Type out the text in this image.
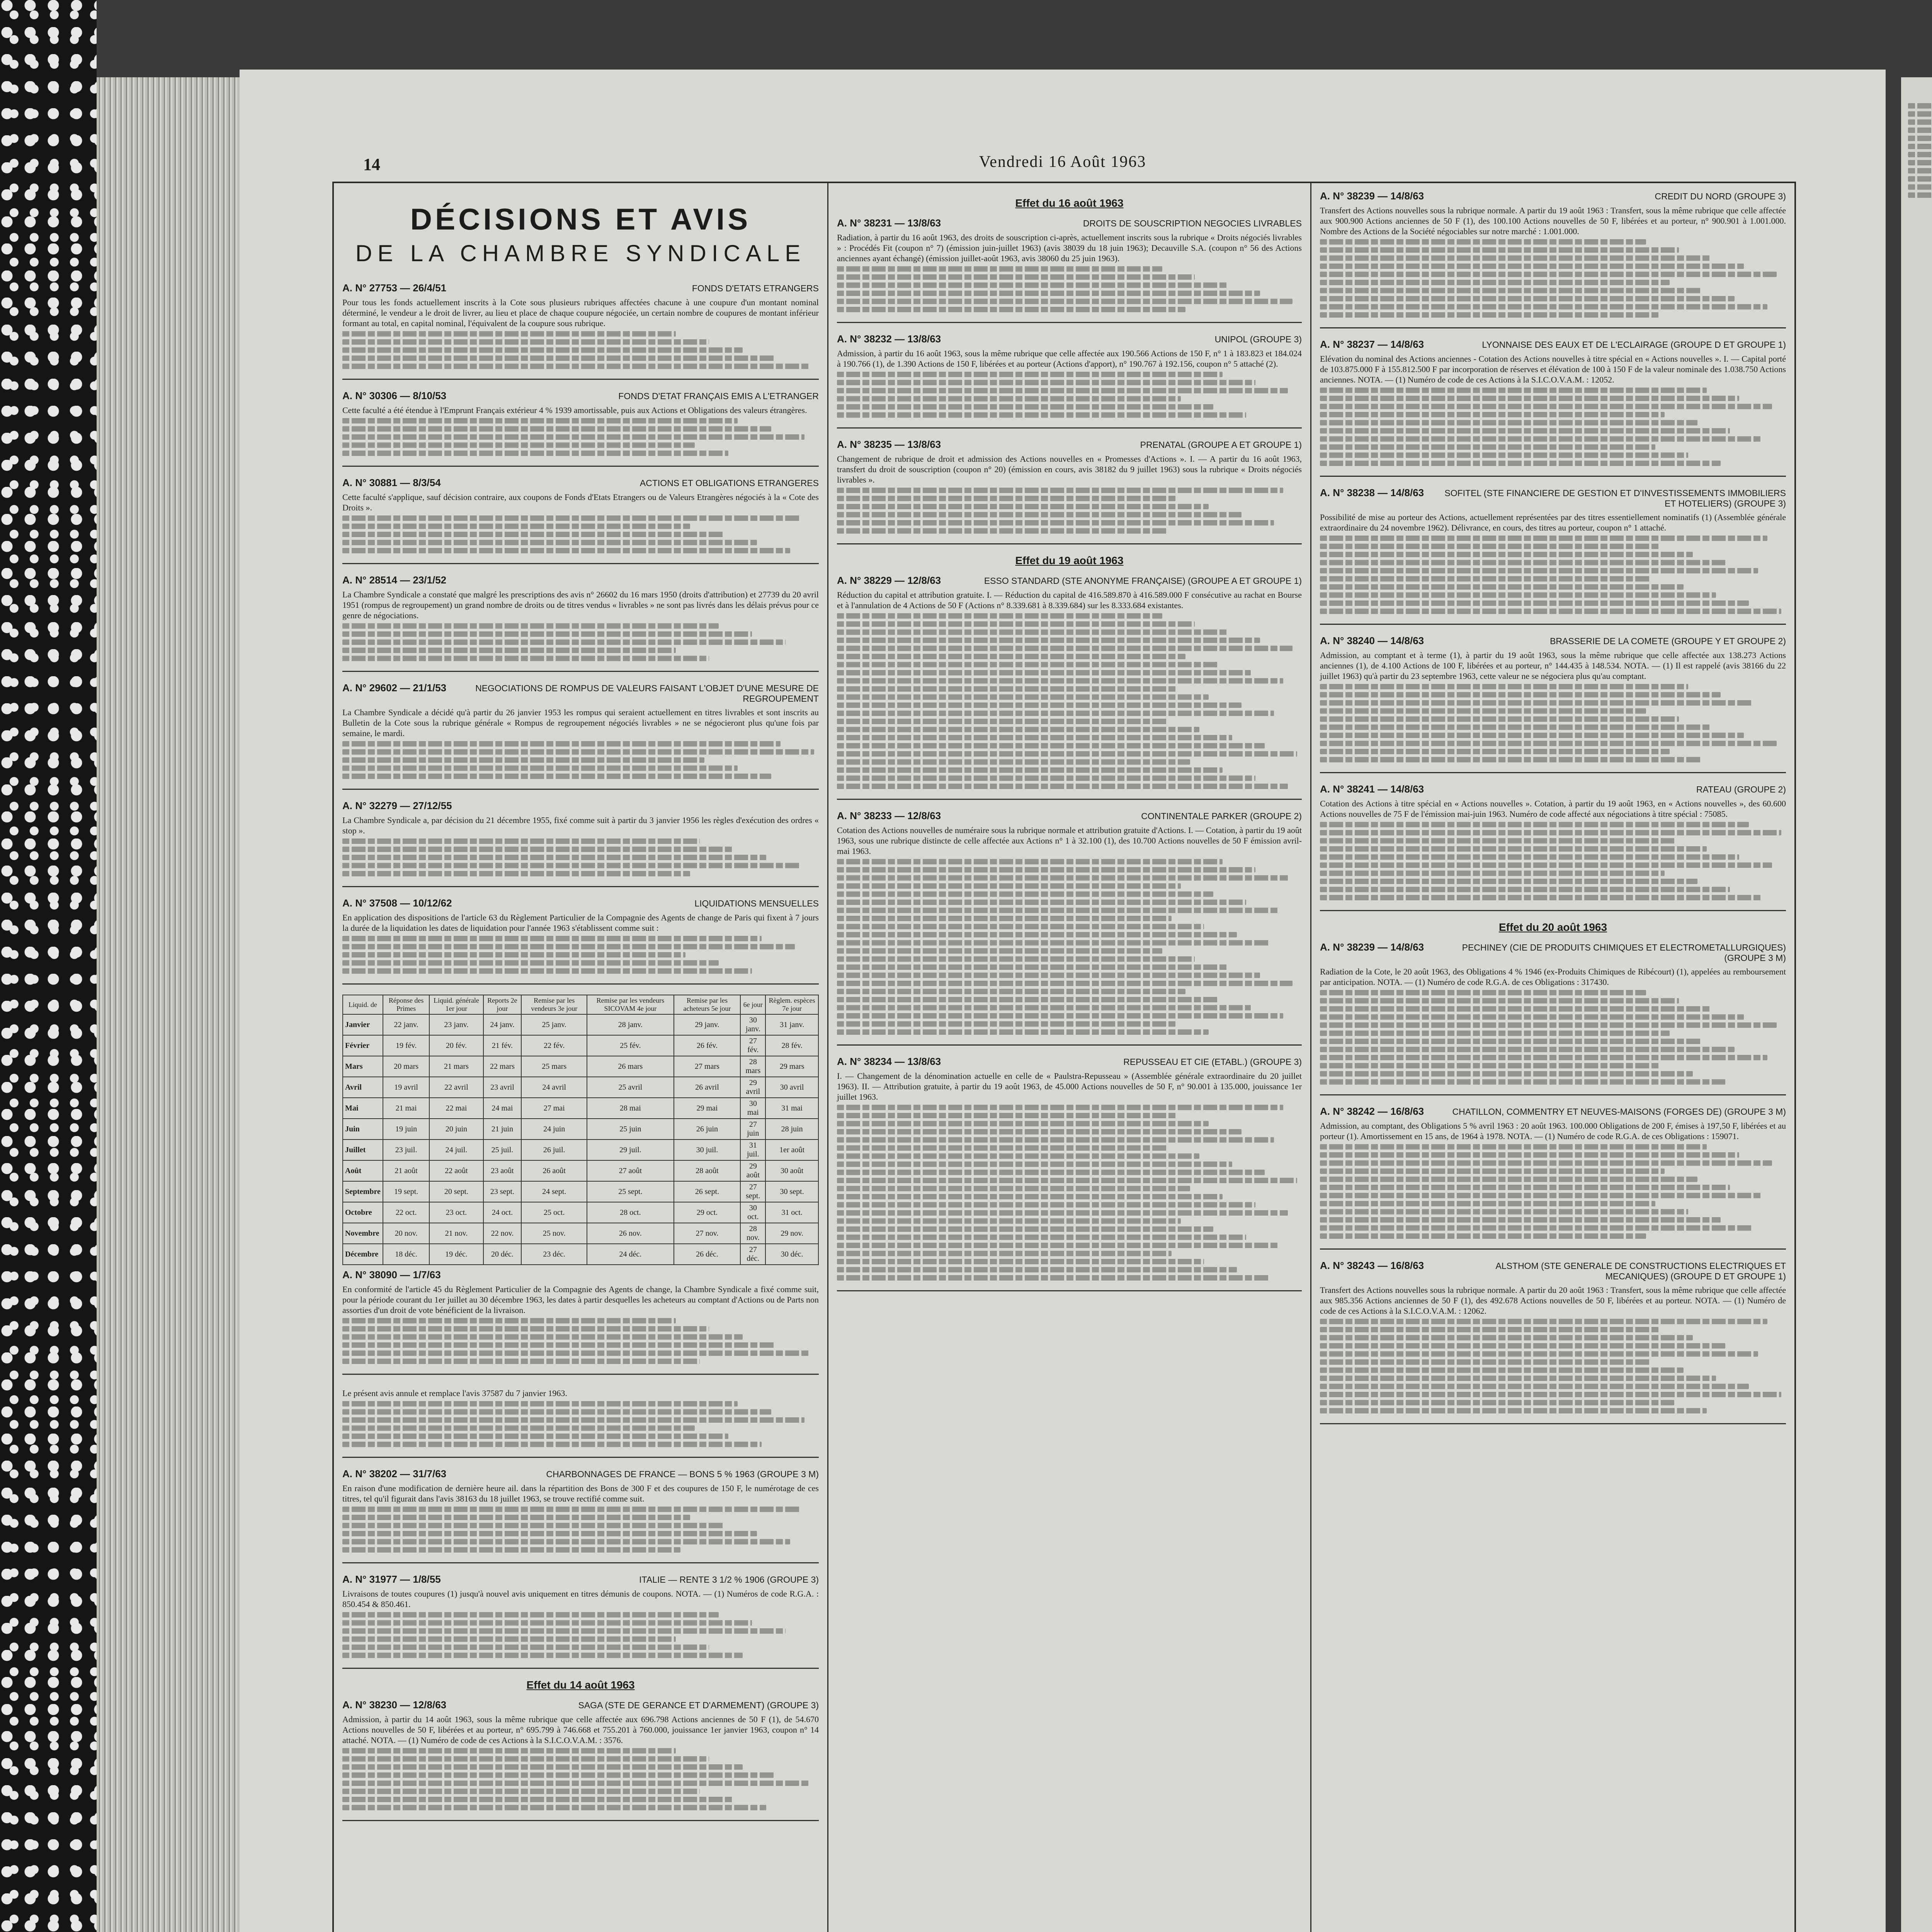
14	Vendredi 16 Août 1963
DÉCISIONS ET AVIS
DE LA CHAMBRE SYNDICALE
A. N° 27753 — 26/4/51	FONDS D'ETATS ETRANGERS
Pour tous les fonds actuellement inscrits à la Cote sous plusieurs rubriques affectées chacune à une coupure d'un montant nominal déterminé, le vendeur a le droit de livrer, au lieu et place de chaque coupure négociée, un certain nombre de coupures de montant inférieur formant au total, en capital nominal, l'équivalent de la coupure sous rubrique.
A. N° 30306 — 8/10/53	FONDS D'ETAT FRANÇAIS EMIS A L'ETRANGER
Cette faculté a été étendue à l'Emprunt Français extérieur 4 % 1939 amortissable, puis aux Actions et Obligations des valeurs étrangères.
A. N° 30881 — 8/3/54	ACTIONS ET OBLIGATIONS ETRANGERES
Cette faculté s'applique, sauf décision contraire, aux coupons de Fonds d'Etats Etrangers ou de Valeurs Etrangères négociés à la « Cote des Droits ».
A. N° 28514 — 23/1/52
La Chambre Syndicale a constaté que malgré les prescriptions des avis n° 26602 du 16 mars 1950 (droits d'attribution) et 27739 du 20 avril 1951 (rompus de regroupement) un grand nombre de droits ou de titres vendus « livrables » ne sont pas livrés dans les délais prévus pour ce genre de négociations.
A. N° 29602 — 21/1/53	NEGOCIATIONS DE ROMPUS DE VALEURS FAISANT L'OBJET D'UNE MESURE DE REGROUPEMENT
La Chambre Syndicale a décidé qu'à partir du 26 janvier 1953 les rompus qui seraient actuellement en titres livrables et sont inscrits au Bulletin de la Cote sous la rubrique générale « Rompus de regroupement négociés livrables » ne se négocieront plus qu'une fois par semaine, le mardi.
A. N° 32279 — 27/12/55
La Chambre Syndicale a, par décision du 21 décembre 1955, fixé comme suit à partir du 3 janvier 1956 les règles d'exécution des ordres « stop ».
A. N° 37508 — 10/12/62	LIQUIDATIONS MENSUELLES
En application des dispositions de l'article 63 du Règlement Particulier de la Compagnie des Agents de change de Paris qui fixent à 7 jours la durée de la liquidation les dates de liquidation pour l'année 1963 s'établissent comme suit :
Liquid. de	Réponse des Primes	Liquid. générale 1er jour	Reports 2e jour	Remise par les vendeurs 3e jour	Remise par les vendeurs SICOVAM 4e jour	Remise par les acheteurs 5e jour	6e jour	Règlem. espèces 7e jour
Janvier	22 janv.	23 janv.	24 janv.	25 janv.	28 janv.	29 janv.	30 janv.	31 janv.
Février	19 fév.	20 fév.	21 fév.	22 fév.	25 fév.	26 fév.	27 fév.	28 fév.
Mars	20 mars	21 mars	22 mars	25 mars	26 mars	27 mars	28 mars	29 mars
Avril	19 avril	22 avril	23 avril	24 avril	25 avril	26 avril	29 avril	30 avril
Mai	21 mai	22 mai	24 mai	27 mai	28 mai	29 mai	30 mai	31 mai
Juin	19 juin	20 juin	21 juin	24 juin	25 juin	26 juin	27 juin	28 juin
Juillet	23 juil.	24 juil.	25 juil.	26 juil.	29 juil.	30 juil.	31 juil.	1er août
Août	21 août	22 août	23 août	26 août	27 août	28 août	29 août	30 août
Septembre	19 sept.	20 sept.	23 sept.	24 sept.	25 sept.	26 sept.	27 sept.	30 sept.
Octobre	22 oct.	23 oct.	24 oct.	25 oct.	28 oct.	29 oct.	30 oct.	31 oct.
Novembre	20 nov.	21 nov.	22 nov.	25 nov.	26 nov.	27 nov.	28 nov.	29 nov.
Décembre	18 déc.	19 déc.	20 déc.	23 déc.	24 déc.	26 déc.	27 déc.	30 déc.
A. N° 38090 — 1/7/63
En conformité de l'article 45 du Règlement Particulier de la Compagnie des Agents de change, la Chambre Syndicale a fixé comme suit, pour la période courant du 1er juillet au 30 décembre 1963, les dates à partir desquelles les acheteurs au comptant d'Actions ou de Parts non assorties d'un droit de vote bénéficient de la livraison.
Le présent avis annule et remplace l'avis 37587 du 7 janvier 1963.
A. N° 38202 — 31/7/63	CHARBONNAGES DE FRANCE — BONS 5 % 1963 (GROUPE 3 M)
En raison d'une modification de dernière heure ail. dans la répartition des Bons de 300 F et des coupures de 150 F, le numérotage de ces titres, tel qu'il figurait dans l'avis 38163 du 18 juillet 1963, se trouve rectifié comme suit.
A. N° 31977 — 1/8/55	ITALIE — RENTE 3 1/2 % 1906 (GROUPE 3)
Livraisons de toutes coupures (1) jusqu'à nouvel avis uniquement en titres démunis de coupons. NOTA. — (1) Numéros de code R.G.A. : 850.454 & 850.461.
Effet du 14 août 1963
A. N° 38230 — 12/8/63	SAGA (STE DE GERANCE ET D'ARMEMENT) (GROUPE 3)
Admission, à partir du 14 août 1963, sous la même rubrique que celle affectée aux 696.798 Actions anciennes de 50 F (1), de 54.670 Actions nouvelles de 50 F, libérées et au porteur, n° 695.799 à 746.668 et 755.201 à 760.000, jouissance 1er janvier 1963, coupon n° 14 attaché. NOTA. — (1) Numéro de code de ces Actions à la S.I.C.O.V.A.M. : 3576.
Effet du 16 août 1963
A. N° 38231 — 13/8/63	DROITS DE SOUSCRIPTION NEGOCIES LIVRABLES
Radiation, à partir du 16 août 1963, des droits de souscription ci-après, actuellement inscrits sous la rubrique « Droits négociés livrables » : Procédés Fit (coupon n° 7) (émission juin-juillet 1963) (avis 38039 du 18 juin 1963); Decauville S.A. (coupon n° 56 des Actions anciennes ayant échangé) (émission juillet-août 1963, avis 38060 du 25 juin 1963).
A. N° 38232 — 13/8/63	UNIPOL (GROUPE 3)
Admission, à partir du 16 août 1963, sous la même rubrique que celle affectée aux 190.566 Actions de 150 F, n° 1 à 183.823 et 184.024 à 190.766 (1), de 1.390 Actions de 150 F, libérées et au porteur (Actions d'apport), n° 190.767 à 192.156, coupon n° 5 attaché (2).
A. N° 38235 — 13/8/63	PRENATAL (GROUPE A ET GROUPE 1)
Changement de rubrique de droit et admission des Actions nouvelles en « Promesses d'Actions ». I. — A partir du 16 août 1963, transfert du droit de souscription (coupon n° 20) (émission en cours, avis 38182 du 9 juillet 1963) sous la rubrique « Droits négociés livrables ».
Effet du 19 août 1963
A. N° 38229 — 12/8/63	ESSO STANDARD (STE ANONYME FRANÇAISE) (GROUPE A ET GROUPE 1)
Réduction du capital et attribution gratuite. I. — Réduction du capital de 416.589.870 à 416.589.000 F consécutive au rachat en Bourse et à l'annulation de 4 Actions de 50 F (Actions n° 8.339.681 à 8.339.684) sur les 8.333.684 existantes.
A. N° 38233 — 12/8/63	CONTINENTALE PARKER (GROUPE 2)
Cotation des Actions nouvelles de numéraire sous la rubrique normale et attribution gratuite d'Actions. I. — Cotation, à partir du 19 août 1963, sous une rubrique distincte de celle affectée aux Actions n° 1 à 32.100 (1), des 10.700 Actions nouvelles de 50 F émission avril-mai 1963.
A. N° 38234 — 13/8/63	REPUSSEAU ET CIE (ETABL.) (GROUPE 3)
I. — Changement de la dénomination actuelle en celle de « Paulstra-Repusseau » (Assemblée générale extraordinaire du 20 juillet 1963). II. — Attribution gratuite, à partir du 19 août 1963, de 45.000 Actions nouvelles de 50 F, n° 90.001 à 135.000, jouissance 1er juillet 1963.
A. N° 38239 — 14/8/63	CREDIT DU NORD (GROUPE 3)
Transfert des Actions nouvelles sous la rubrique normale. A partir du 19 août 1963 : Transfert, sous la même rubrique que celle affectée aux 900.900 Actions anciennes de 50 F (1), des 100.100 Actions nouvelles de 50 F, libérées et au porteur, n° 900.901 à 1.001.000. Nombre des Actions de la Société négociables sur notre marché : 1.001.000.
A. N° 38237 — 14/8/63	LYONNAISE DES EAUX ET DE L'ECLAIRAGE (GROUPE D ET GROUPE 1)
Elévation du nominal des Actions anciennes - Cotation des Actions nouvelles à titre spécial en « Actions nouvelles ». I. — Capital porté de 103.875.000 F à 155.812.500 F par incorporation de réserves et élévation de 100 à 150 F de la valeur nominale des 1.038.750 Actions anciennes. NOTA. — (1) Numéro de code de ces Actions à la S.I.C.O.V.A.M. : 12052.
A. N° 38238 — 14/8/63	SOFITEL (STE FINANCIERE DE GESTION ET D'INVESTISSEMENTS IMMOBILIERS ET HOTELIERS) (GROUPE 3)
Possibilité de mise au porteur des Actions, actuellement représentées par des titres essentiellement nominatifs (1) (Assemblée générale extraordinaire du 24 novembre 1962). Délivrance, en cours, des titres au porteur, coupon n° 1 attaché.
A. N° 38240 — 14/8/63	BRASSERIE DE LA COMETE (GROUPE Y ET GROUPE 2)
Admission, au comptant et à terme (1), à partir du 19 août 1963, sous la même rubrique que celle affectée aux 138.273 Actions anciennes (1), de 4.100 Actions de 100 F, libérées et au porteur, n° 144.435 à 148.534. NOTA. — (1) Il est rappelé (avis 38166 du 22 juillet 1963) qu'à partir du 23 septembre 1963, cette valeur ne se négociera plus qu'au comptant.
A. N° 38241 — 14/8/63	RATEAU (GROUPE 2)
Cotation des Actions à titre spécial en « Actions nouvelles ». Cotation, à partir du 19 août 1963, en « Actions nouvelles », des 60.600 Actions nouvelles de 75 F de l'émission mai-juin 1963. Numéro de code affecté aux négociations à titre spécial : 75085.
Effet du 20 août 1963
A. N° 38239 — 14/8/63	PECHINEY (CIE DE PRODUITS CHIMIQUES ET ELECTROMETALLURGIQUES) (GROUPE 3 M)
Radiation de la Cote, le 20 août 1963, des Obligations 4 % 1946 (ex-Produits Chimiques de Ribécourt) (1), appelées au remboursement par anticipation. NOTA. — (1) Numéro de code R.G.A. de ces Obligations : 317430.
A. N° 38242 — 16/8/63	CHATILLON, COMMENTRY ET NEUVES-MAISONS (FORGES DE) (GROUPE 3 M)
Admission, au comptant, des Obligations 5 % avril 1963 : 20 août 1963. 100.000 Obligations de 200 F, émises à 197,50 F, libérées et au porteur (1). Amortissement en 15 ans, de 1964 à 1978. NOTA. — (1) Numéro de code R.G.A. de ces Obligations : 159071.
A. N° 38243 — 16/8/63	ALSTHOM (STE GENERALE DE CONSTRUCTIONS ELECTRIQUES ET MECANIQUES) (GROUPE D ET GROUPE 1)
Transfert des Actions nouvelles sous la rubrique normale. A partir du 20 août 1963 : Transfert, sous la même rubrique que celle affectée aux 985.356 Actions anciennes de 50 F (1), des 492.678 Actions nouvelles de 50 F, libérées et au porteur. NOTA. — (1) Numéro de code de ces Actions à la S.I.C.O.V.A.M. : 12062.
